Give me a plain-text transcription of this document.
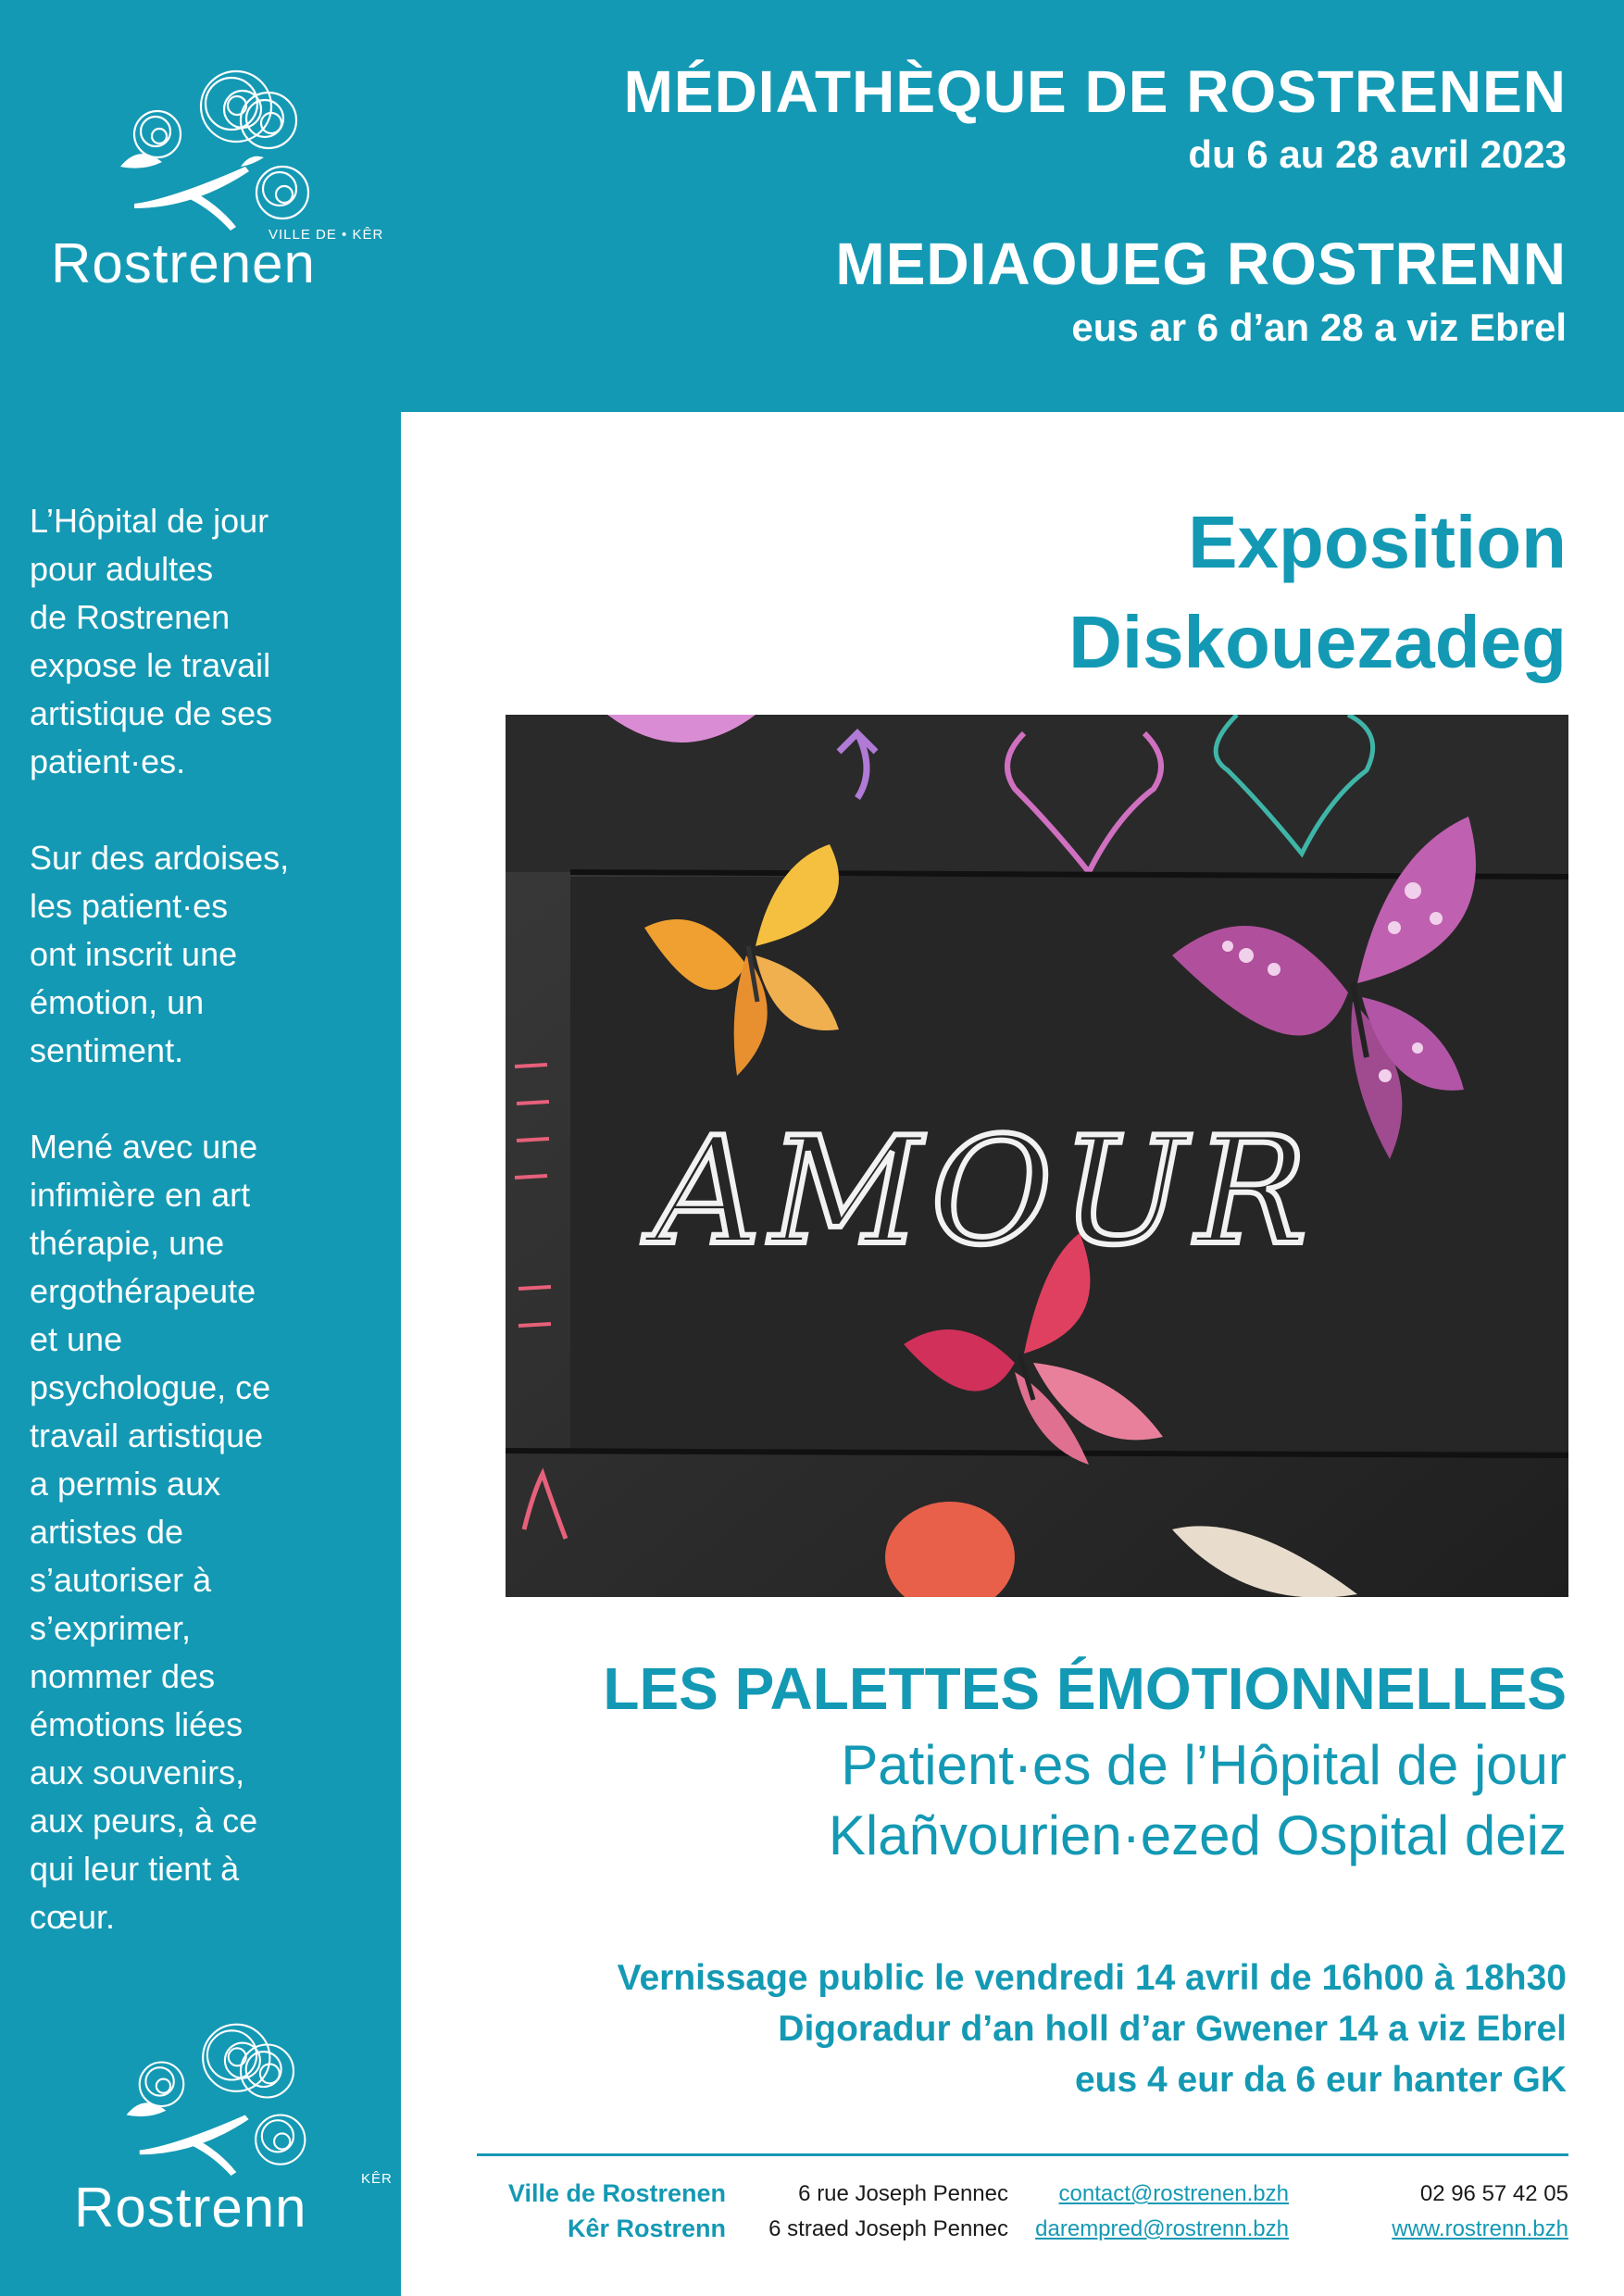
VILLE DE • KÊR
Rostrenen
MÉDIATHÈQUE DE ROSTRENEN
du 6 au 28 avril 2023
MEDIAOUEG ROSTRENN
eus ar 6 d’an 28 a viz Ebrel

L’Hôpital de jour
pour adultes
de Rostrenen
expose le travail
artistique de ses
patient·es.

Sur des ardoises,
les patient·es
ont inscrit une
émotion, un
sentiment.

Mené avec une
infimière en art
thérapie, une
ergothérapeute
et une
psychologue, ce
travail artistique
a permis aux
artistes de
s’autoriser à
s’exprimer,
nommer des
émotions liées
aux souvenirs,
aux peurs, à ce
qui leur tient à
cœur.

KÊR
Rostrenn
Exposition
Diskouezadeg
AMOUR
LES PALETTES ÉMOTIONNELLES
Patient·es de l’Hôpital de jour
Klañvourien·ezed Ospital deiz
Vernissage public le vendredi 14 avril de 16h00 à 18h30
Digoradur d’an holl d’ar Gwener 14 a viz Ebrel
eus 4 eur da 6 eur hanter GK
Ville de Rostrenen
Kêr Rostrenn
6 rue Joseph Pennec
6 straed Joseph Pennec
contact@rostrenen.bzh
darempred@rostrenn.bzh
02 96 57 42 05
www.rostrenn.bzh
